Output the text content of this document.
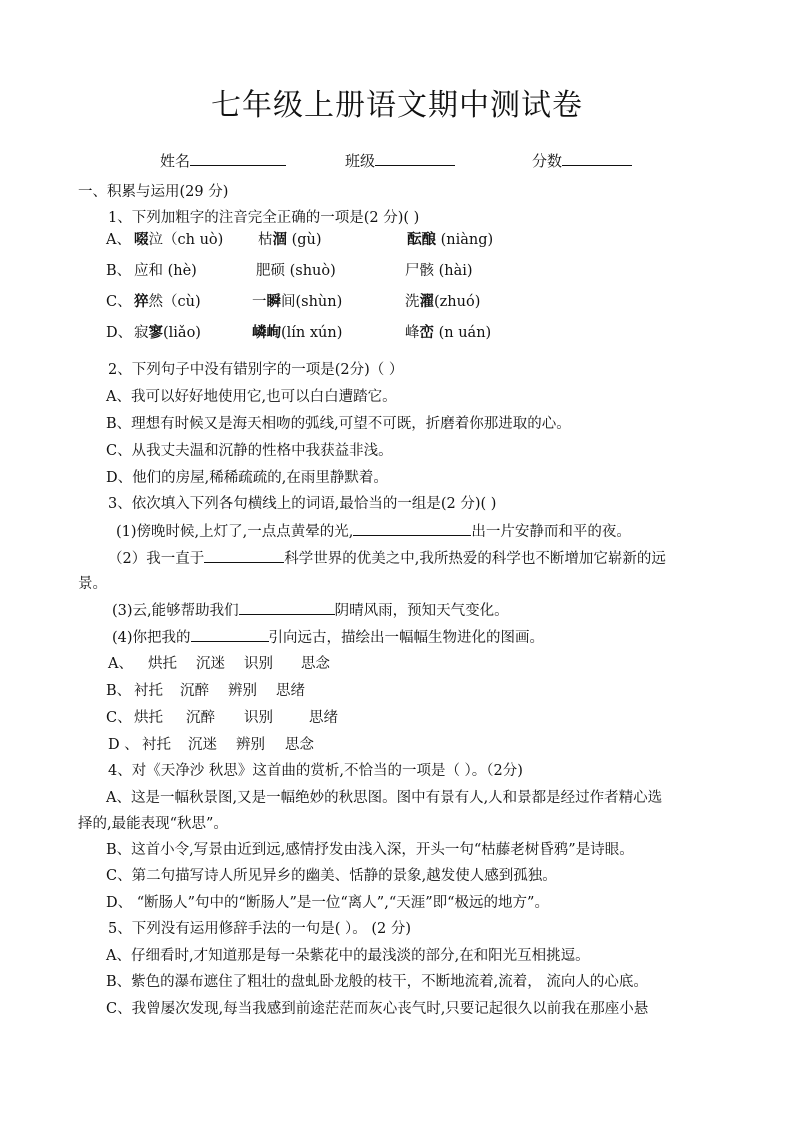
七年级上册语文期中测试卷
姓名	班级	分数
一、积累与运用(29 分)
1、下列加粗字的注音完全正确的一项是(2 分)( )
A、 啜泣（ch uò) 枯涸 (gù)	酝酿 (niàng)
B、 应和 (hè)	肥硕 (shuò)	尸骸 (hài)
C、 猝然（cù)	一瞬间(shùn)	洗濯(zhuó)
D、 寂寥(liǎo)	嶙峋(lín xún)	峰峦 (n uán)
2、下列句子中没有错别字的一项是(2分)（ ）
A、我可以好好地使用它,也可以白白遭踏它。
B、理想有时候又是海天相吻的弧线,可望不可既，折磨着你那进取的心。
C、从我丈夫温和沉静的性格中我获益非浅。
D、他们的房屋,稀稀疏疏的,在雨里静默着。
3、依次填入下列各句横线上的词语,最恰当的一组是(2 分)( )
(1)傍晚时候,上灯了,一点点黄晕的光,	出一片安静而和平的夜。
（2）我一直于	科学世界的优美之中,我所热爱的科学也不断增加它崭新的远
景。
(3)云,能够帮助我们	阴晴风雨，预知天气变化。
(4)你把我的	引向远古，描绘出一幅幅生物进化的图画。
A、 烘托 沉迷 识别 思念
B、 衬托 沉醉 辨别 思绪
C、 烘托 沉醉 识别 思绪
D 、 衬托 沉迷 辨别 思念
4、对《天净沙 秋思》这首曲的赏析,不恰当的一项是（ ）。（2分)
A、这是一幅秋景图,又是一幅绝妙的秋思图。图中有景有人,人和景都是经过作者精心选
择的,最能表现“秋思”。
B、这首小令,写景由近到远,感情抒发由浅入深，开头一句“枯藤老树昏鸦”是诗眼。
C、第二句描写诗人所见异乡的幽美、恬静的景象,越发使人感到孤独。
D、 “断肠人”句中的“断肠人”是一位“离人”,“天涯”即“极远的地方”。
5、下列没有运用修辞手法的一句是( ）。 (2 分)
A、仔细看时,才知道那是每一朵紫花中的最浅淡的部分,在和阳光互相挑逗。
B、紫色的瀑布遮住了粗壮的盘虬卧龙般的枝干，不断地流着,流着， 流向人的心底。
C、我曾屡次发现,每当我感到前途茫茫而灰心丧气时,只要记起很久以前我在那座小悬
